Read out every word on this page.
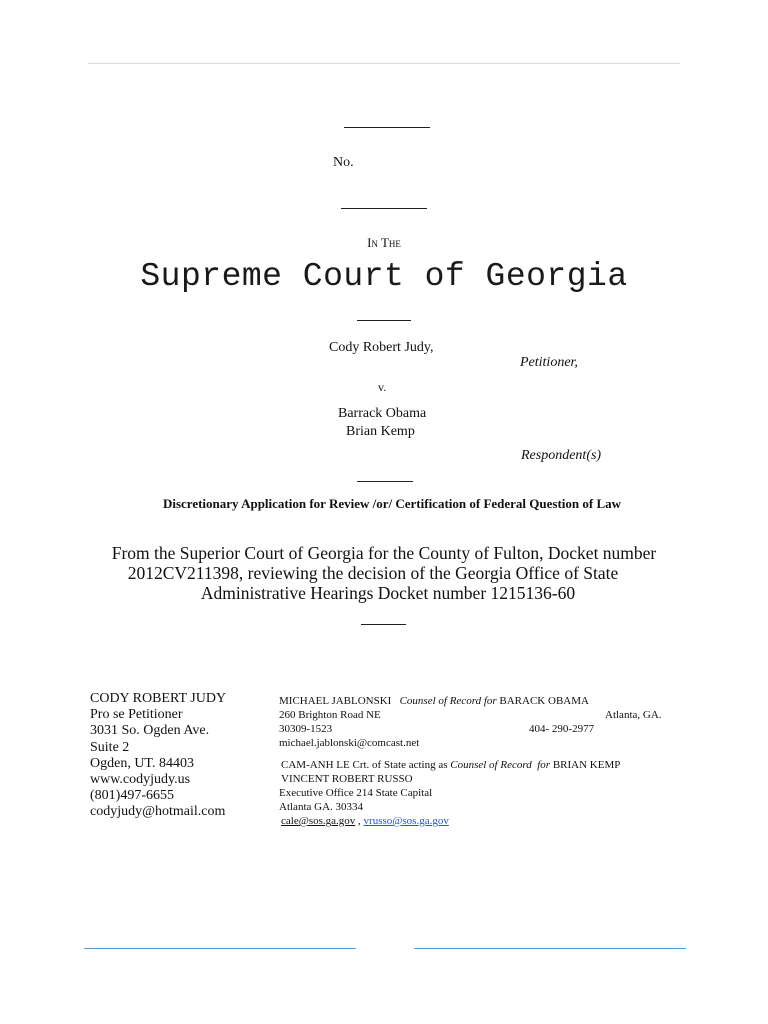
No.
In The
Supreme Court of Georgia
Cody Robert Judy,
Petitioner,
v.
Barrack Obama
Brian Kemp
Respondent(s)
Discretionary Application for Review /or/ Certification of Federal Question of Law
From the Superior Court of Georgia for the County of Fulton, Docket number
2012CV211398, reviewing the decision of the Georgia Office of State
Administrative Hearings Docket number 1215136-60
CODY ROBERT JUDY
Pro se Petitioner
3031 So. Ogden Ave.
Suite 2
Ogden, UT. 84403
www.codyjudy.us
(801)497-6655
codyjudy@hotmail.com
MICHAEL JABLONSKI Counsel of Record for BARACK OBAMA
260 Brighton Road NE	Atlanta, GA.
30309-1523	404- 290-2977
michael.jablonski@comcast.net
CAM-ANH LE Crt. of State acting as Counsel of Record for BRIAN KEMP
VINCENT ROBERT RUSSO
Executive Office 214 State Capital
Atlanta GA. 30334
cale@sos.ga.gov , vrusso@sos.ga.gov
